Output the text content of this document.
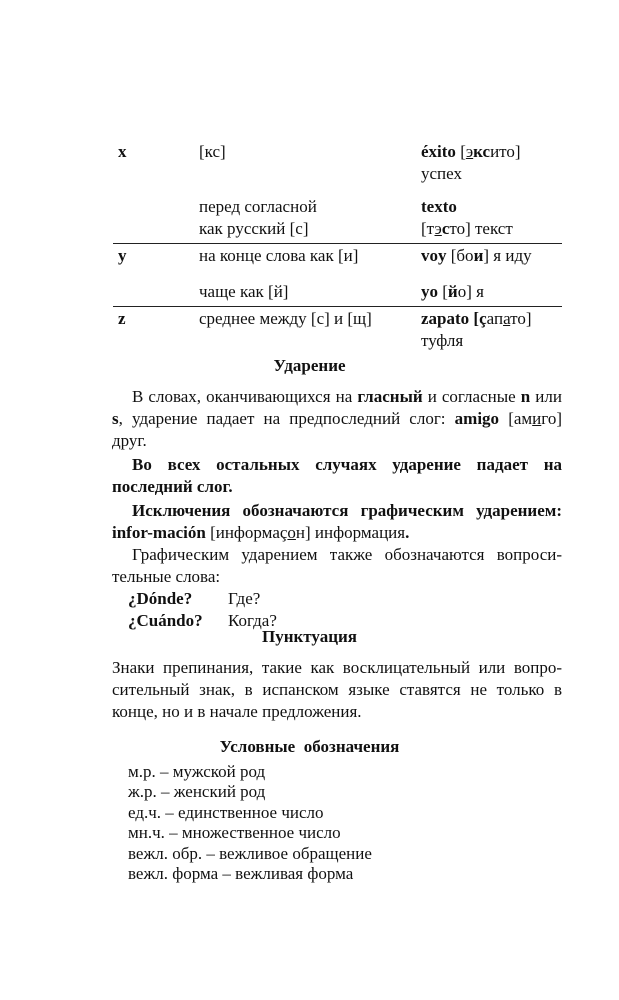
x	[кс]	éxito [эксито]
успех
перед согласной	texto
как русский [с]	[тэсто] текст
y	на конце слова как [и]	voy [бои] я иду
чаще как [й]	yo [йо] я
z	среднее между [с] и [щ]	zapato [çапато]
туфля
Ударение

В словах, оканчивающихся на гласный и согласные n или s, ударение падает на предпоследний слог: amigo [амиго] друг.

Во всех остальных случаях ударение падает на последний слог.

Исключения обозначаются графическим ударением: infor-mación [информаçон] информация.

Графическим ударением также обозначаются вопроси-тельные слова:

¿Dónde?	Где?
¿Cuándo?	Когда?
Пунктуация

Знаки препинания, такие как восклицательный или вопро-сительный знак, в испанском языке ставятся не только в конце, но и в начале предложения.

Условные  обозначения
м.р. – мужской род
ж.р. – женский род
ед.ч. – единственное число
мн.ч. – множественное число
вежл. обр. – вежливое обращение
вежл. форма – вежливая форма
